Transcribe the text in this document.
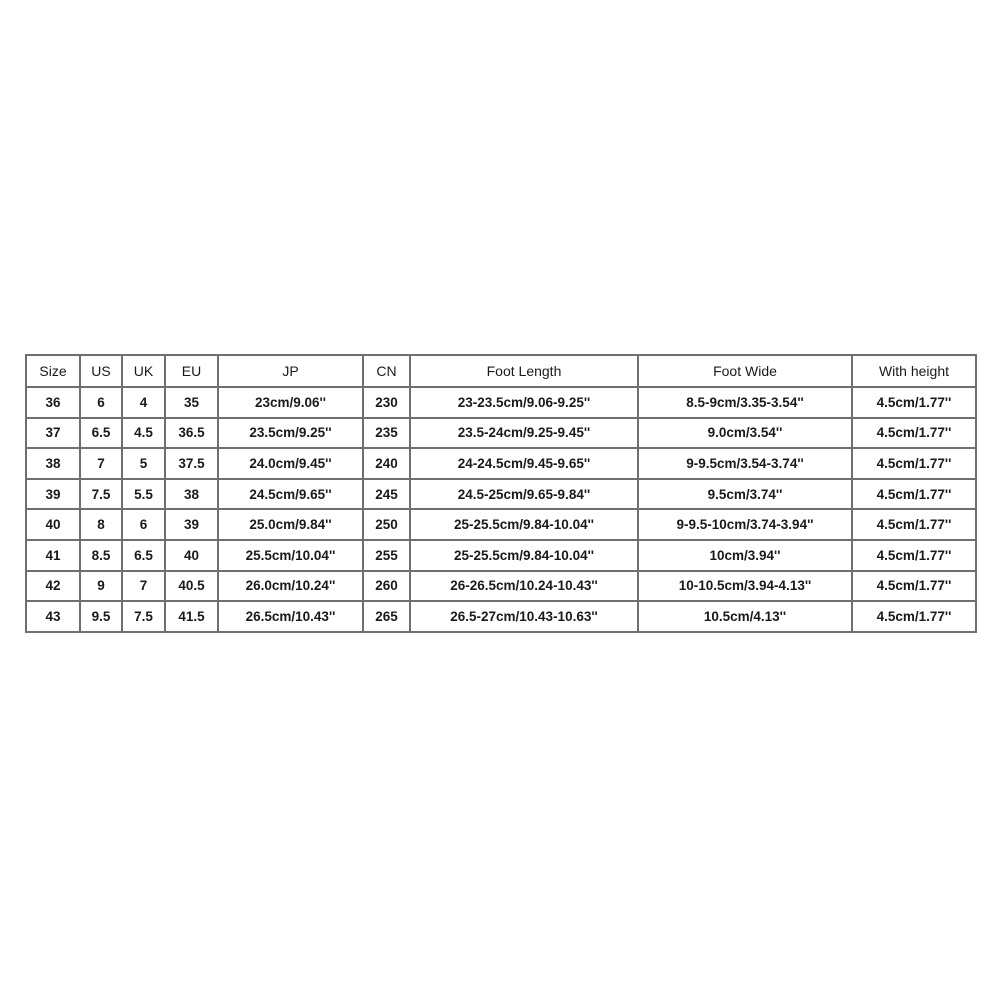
Size	US	UK	EU	JP	CN	Foot Length	Foot Wide	With height
36	6	4	35	23cm/9.06''	230	23-23.5cm/9.06-9.25''	8.5-9cm/3.35-3.54''	4.5cm/1.77''
37	6.5	4.5	36.5	23.5cm/9.25''	235	23.5-24cm/9.25-9.45''	9.0cm/3.54''	4.5cm/1.77''
38	7	5	37.5	24.0cm/9.45''	240	24-24.5cm/9.45-9.65''	9-9.5cm/3.54-3.74''	4.5cm/1.77''
39	7.5	5.5	38	24.5cm/9.65''	245	24.5-25cm/9.65-9.84''	9.5cm/3.74''	4.5cm/1.77''
40	8	6	39	25.0cm/9.84''	250	25-25.5cm/9.84-10.04''	9-9.5-10cm/3.74-3.94''	4.5cm/1.77''
41	8.5	6.5	40	25.5cm/10.04''	255	25-25.5cm/9.84-10.04''	10cm/3.94''	4.5cm/1.77''
42	9	7	40.5	26.0cm/10.24''	260	26-26.5cm/10.24-10.43''	10-10.5cm/3.94-4.13''	4.5cm/1.77''
43	9.5	7.5	41.5	26.5cm/10.43''	265	26.5-27cm/10.43-10.63''	10.5cm/4.13''	4.5cm/1.77''
